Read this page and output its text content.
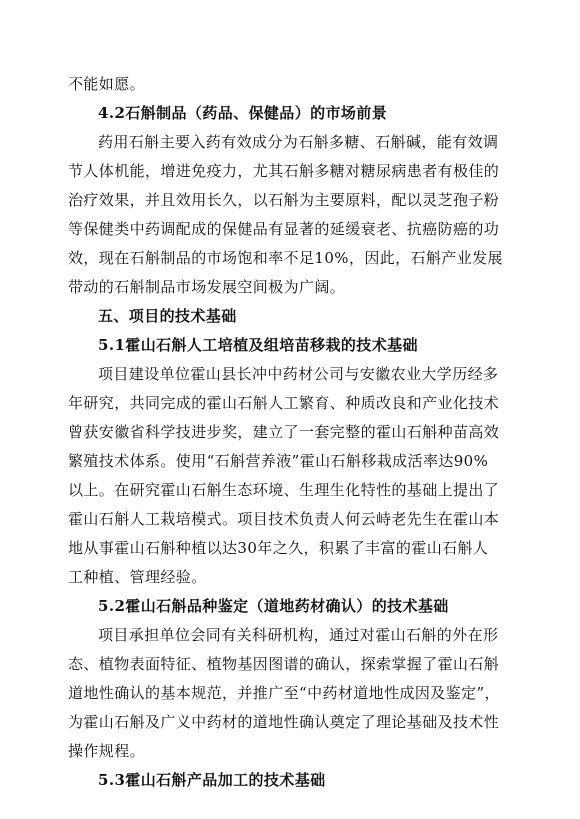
不能如愿。
4.2石斛制品（药品、保健品）的市场前景
药用石斛主要入药有效成分为石斛多糖、石斛碱，能有效调
节人体机能，增进免疫力，尤其石斛多糖对糖尿病患者有极佳的
治疗效果，并且效用长久，以石斛为主要原料，配以灵芝孢子粉
等保健类中药调配成的保健品有显著的延缓衰老、抗癌防癌的功
效，现在石斛制品的市场饱和率不足10%，因此，石斛产业发展
带动的石斛制品市场发展空间极为广阔。
五、项目的技术基础
5.1霍山石斛人工培植及组培苗移栽的技术基础
项目建设单位霍山县长冲中药材公司与安徽农业大学历经多
年研究，共同完成的霍山石斛人工繁育、种质改良和产业化技术
曾获安徽省科学技进步奖，建立了一套完整的霍山石斛种苗高效
繁殖技术体系。使用“石斛营养液”霍山石斛移栽成活率达90%
以上。在研究霍山石斛生态环境、生理生化特性的基础上提出了
霍山石斛人工栽培模式。项目技术负责人何云峙老先生在霍山本
地从事霍山石斛种植以达30年之久，积累了丰富的霍山石斛人
工种植、管理经验。
5.2霍山石斛品种鉴定（道地药材确认）的技术基础
项目承担单位会同有关科研机构，通过对霍山石斛的外在形
态、植物表面特征、植物基因图谱的确认，探索掌握了霍山石斛
道地性确认的基本规范，并推广至“中药材道地性成因及鉴定”，
为霍山石斛及广义中药材的道地性确认奠定了理论基础及技术性
操作规程。
5.3霍山石斛产品加工的技术基础
